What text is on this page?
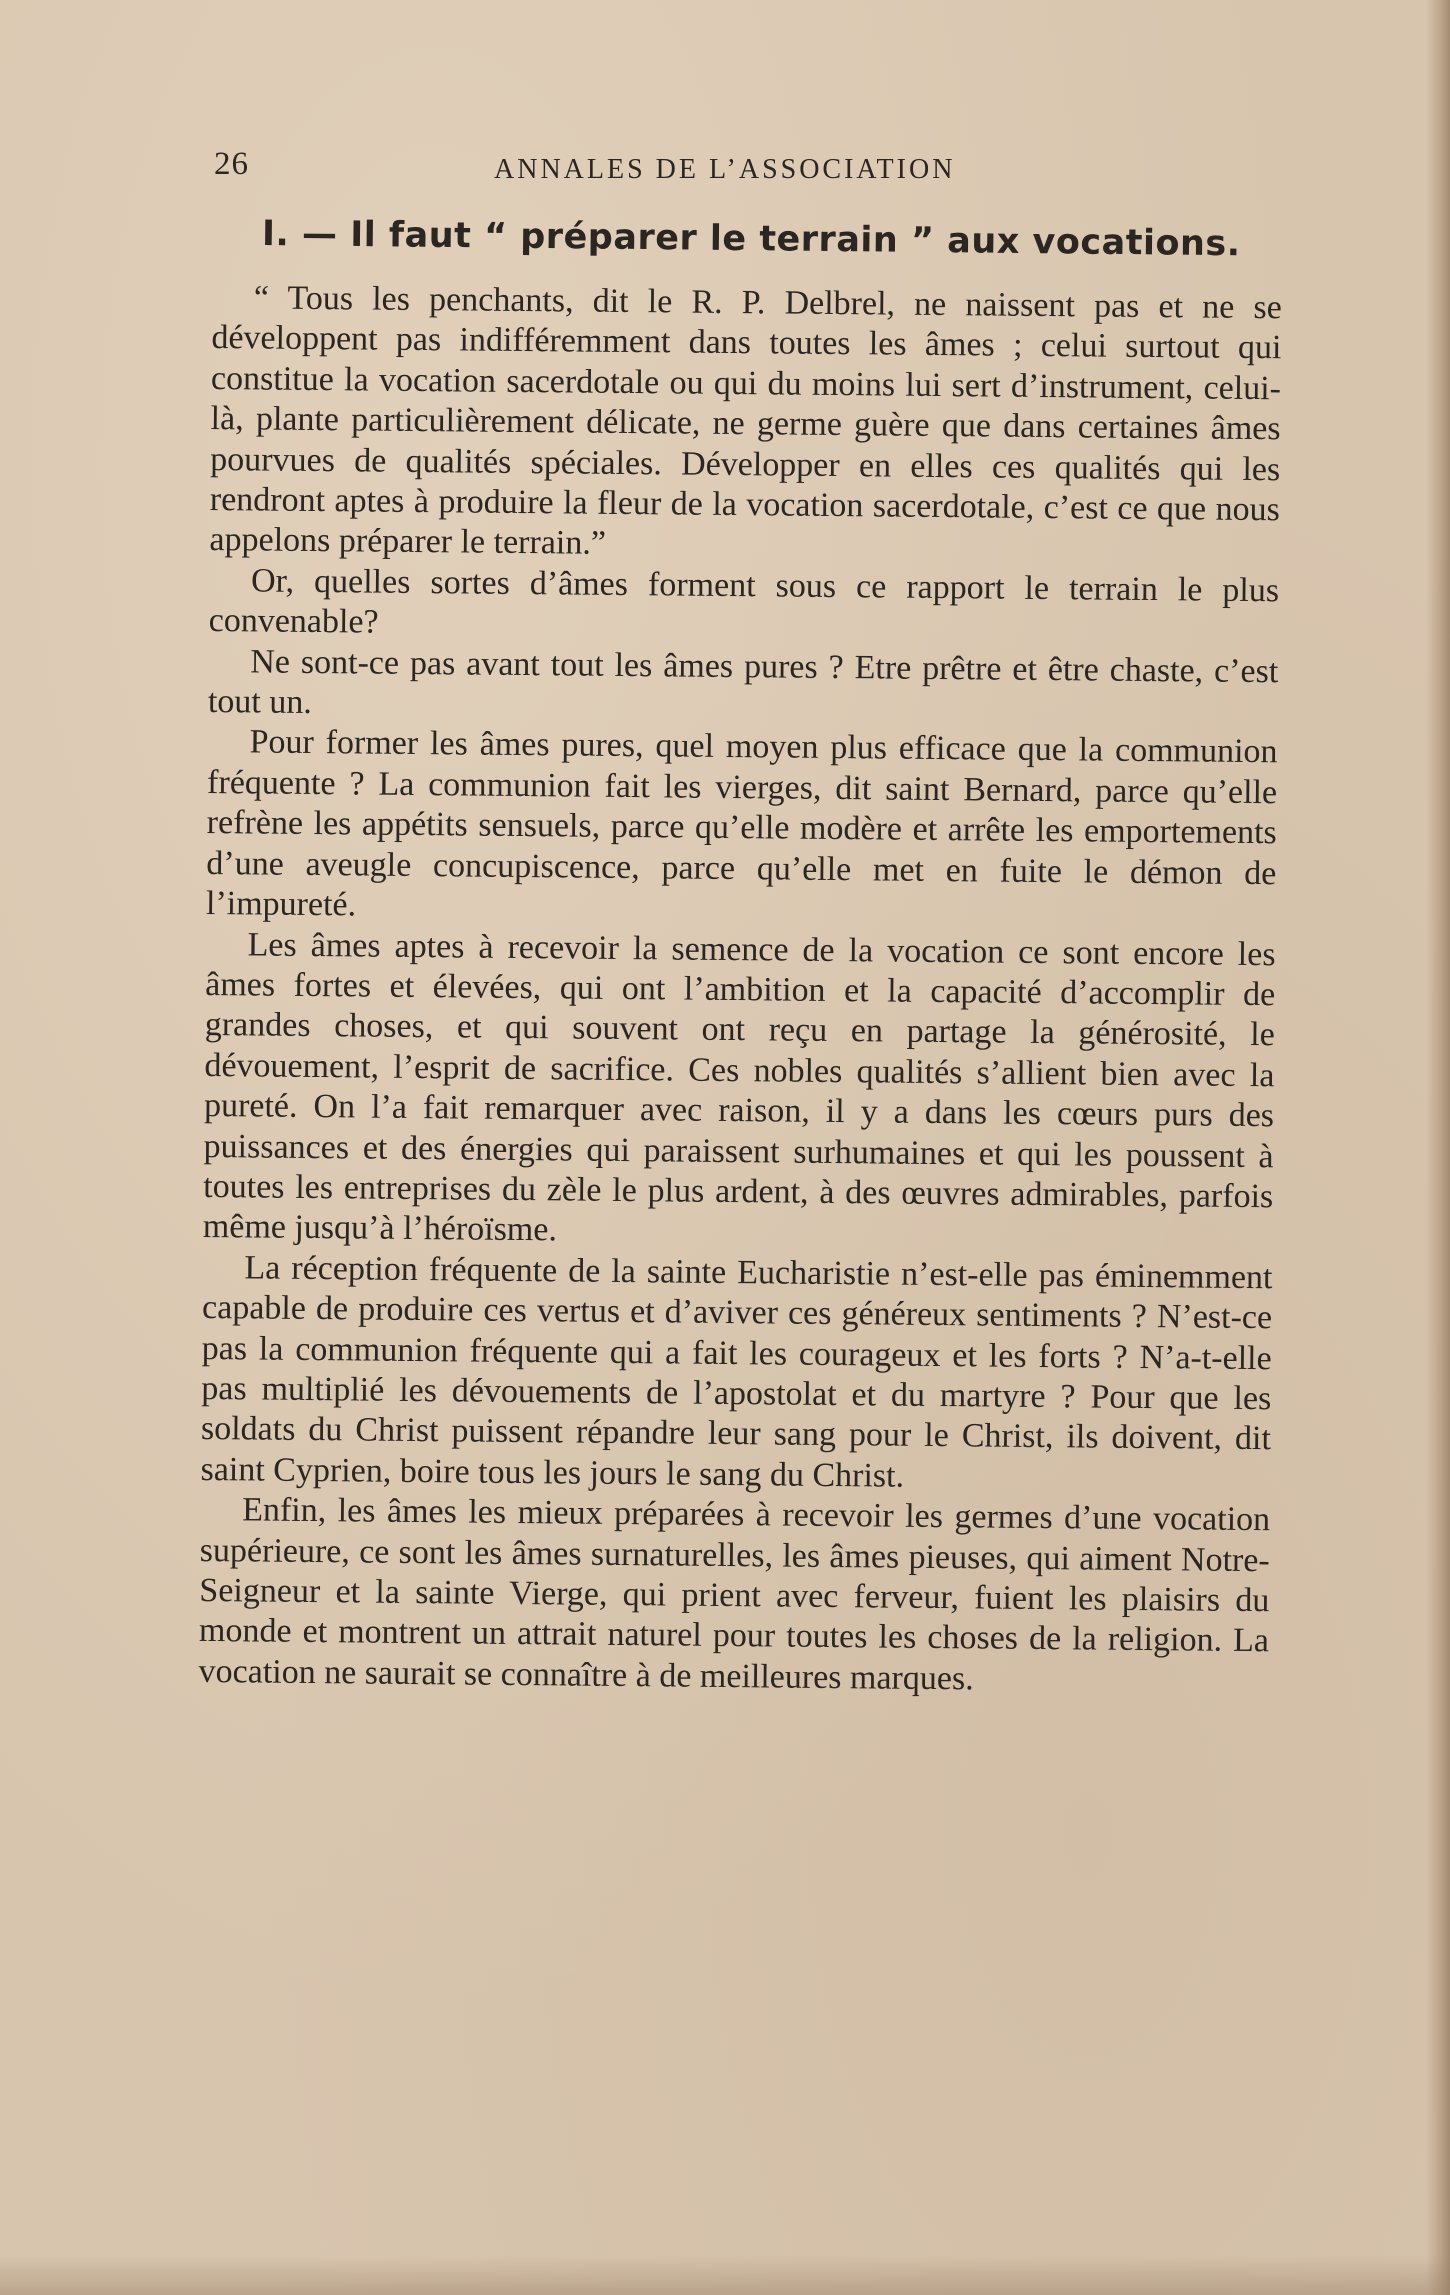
26	ANNALES DE L’ASSOCIATION
I. — Il faut “ préparer le terrain ” aux vocations.

“ Tous les penchants, dit le R. P. Delbrel, ne naissent pas et ne se développent pas indifféremment dans toutes les âmes ; celui surtout qui constitue la vocation sacerdotale ou qui du moins lui sert d’instrument, celui-là, plante particulièrement délicate, ne germe guère que dans certaines âmes pourvues de qualités spéciales. Développer en elles ces qualités qui les rendront aptes à produire la fleur de la vocation sacerdotale, c’est ce que nous appelons préparer le terrain.”

Or, quelles sortes d’âmes forment sous ce rapport le terrain le plus convenable?

Ne sont-ce pas avant tout les âmes pures ? Etre prêtre et être chaste, c’est tout un.

Pour former les âmes pures, quel moyen plus efficace que la communion fréquente ? La communion fait les vierges, dit saint Bernard, parce qu’elle refrène les appétits sensuels, parce qu’elle modère et arrête les emportements d’une aveugle concupiscence, parce qu’elle met en fuite le démon de l’impureté.

Les âmes aptes à recevoir la semence de la vocation ce sont encore les âmes fortes et élevées, qui ont l’ambition et la capacité d’accomplir de grandes choses, et qui souvent ont reçu en partage la générosité, le dévouement, l’esprit de sacrifice. Ces nobles qualités s’allient bien avec la pureté. On l’a fait remarquer avec raison, il y a dans les cœurs purs des puissances et des énergies qui paraissent surhumaines et qui les poussent à toutes les entreprises du zèle le plus ardent, à des œuvres admirables, parfois même jusqu’à l’héroïsme.

La réception fréquente de la sainte Eucharistie n’est-elle pas éminemment capable de produire ces vertus et d’aviver ces généreux sentiments ? N’est-ce pas la communion fréquente qui a fait les courageux et les forts ? N’a-t-elle pas multiplié les dévouements de l’apostolat et du martyre ? Pour que les soldats du Christ puissent répandre leur sang pour le Christ, ils doivent, dit saint Cyprien, boire tous les jours le sang du Christ.

Enfin, les âmes les mieux préparées à recevoir les germes d’une vocation supérieure, ce sont les âmes surnaturelles, les âmes pieuses, qui aiment Notre-Seigneur et la sainte Vierge, qui prient avec ferveur, fuient les plaisirs du monde et montrent un attrait naturel pour toutes les choses de la religion. La vocation ne saurait se connaître à de meilleures marques.
